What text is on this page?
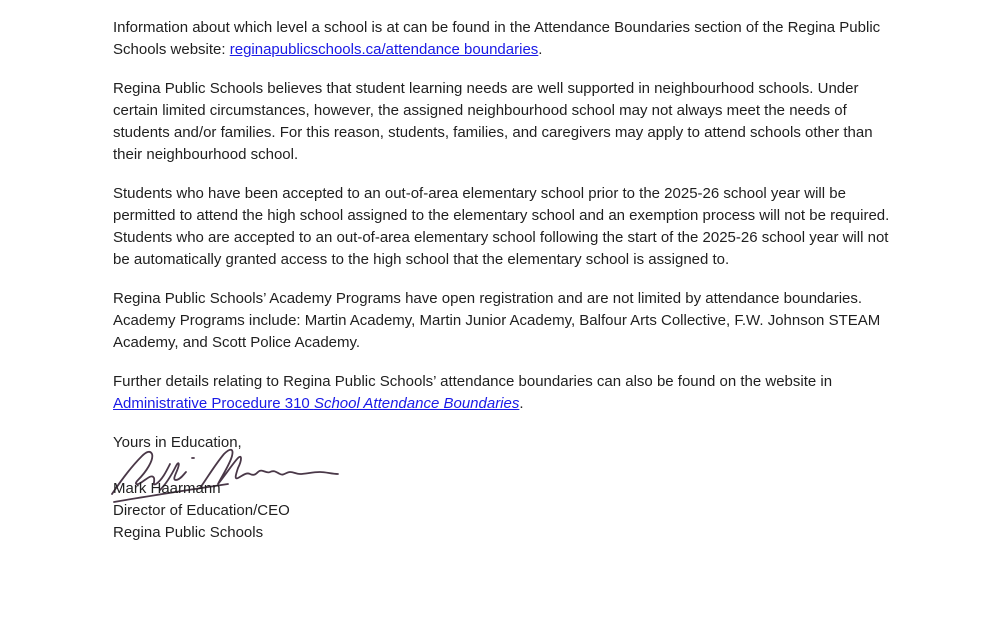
Information about which level a school is at can be found in the Attendance Boundaries section of the Regina Public Schools website: reginapublicschools.ca/attendance boundaries.

Regina Public Schools believes that student learning needs are well supported in neighbourhood schools. Under certain limited circumstances, however, the assigned neighbourhood school may not always meet the needs of students and/or families. For this reason, students, families, and caregivers may apply to attend schools other than their neighbourhood school.

Students who have been accepted to an out-of-area elementary school prior to the 2025-26 school year will be permitted to attend the high school assigned to the elementary school and an exemption process will not be required. Students who are accepted to an out-of-area elementary school following the start of the 2025-26 school year will not be automatically granted access to the high school that the elementary school is assigned to.

Regina Public Schools’ Academy Programs have open registration and are not limited by attendance boundaries. Academy Programs include: Martin Academy, Martin Junior Academy, Balfour Arts Collective, F.W. Johnson STEAM Academy, and Scott Police Academy.

Further details relating to Regina Public Schools’ attendance boundaries can also be found on the website in Administrative Procedure 310 School Attendance Boundaries.

Yours in Education,

Mark Haarmann

Director of Education/CEO

Regina Public Schools
